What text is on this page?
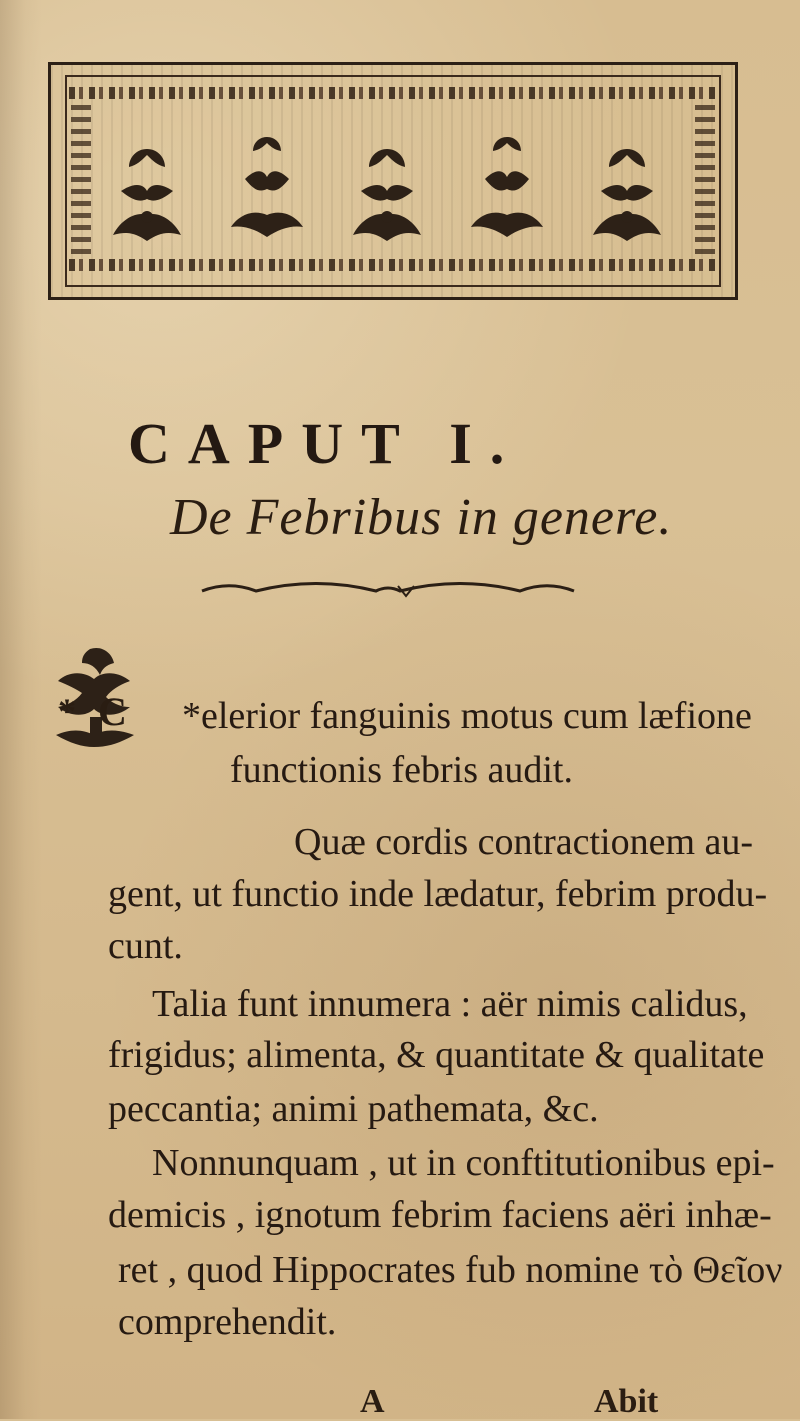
CAPUT I.
De Febribus in genere.
* C *elerior fanguinis motus cum læfione
functionis febris audit.
Quæ cordis contractionem au-
gent, ut functio inde lædatur, febrim produ-
cunt.
Talia funt innumera : aër nimis calidus,
frigidus; alimenta, & quantitate & qualitate
peccantia; animi pathemata, &c.
Nonnunquam , ut in conftitutionibus epi-
demicis , ignotum febrim faciens aëri inhæ-
ret , quod Hippocrates fub nomine τὸ Θεῖον
comprehendit.
A	Abit
